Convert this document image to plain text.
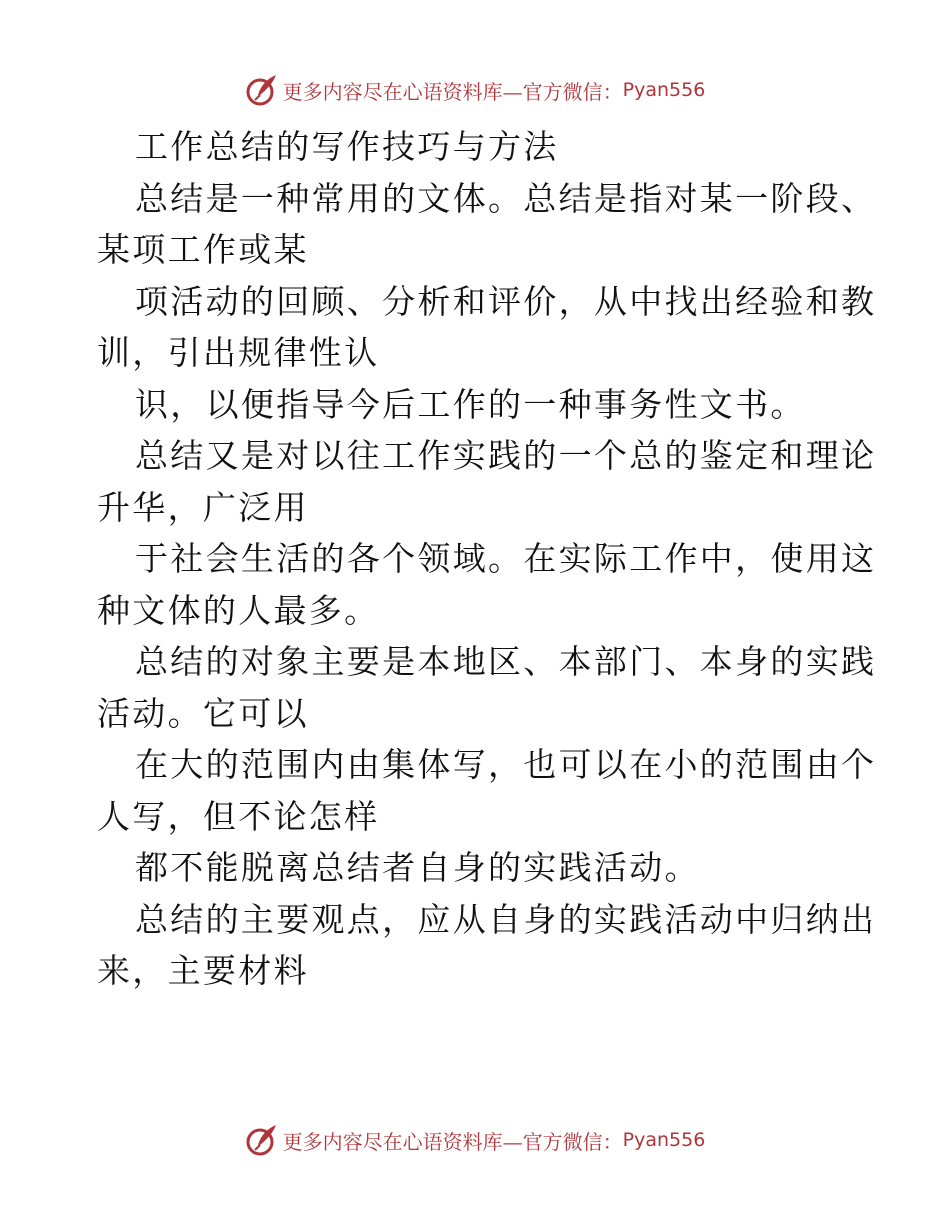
更多内容尽在心语资料库—官方微信： Pyan556
工作总结的写作技巧与方法
总结是一种常用的文体。总结是指对某一阶段、
某项工作或某
项活动的回顾、分析和评价，从中找出经验和教
训，引出规律性认
识，以便指导今后工作的一种事务性文书。
总结又是对以往工作实践的一个总的鉴定和理论
升华，广泛用
于社会生活的各个领域。在实际工作中，使用这
种文体的人最多。
总结的对象主要是本地区、本部门、本身的实践
活动。它可以
在大的范围内由集体写，也可以在小的范围由个
人写，但不论怎样
都不能脱离总结者自身的实践活动。
总结的主要观点，应从自身的实践活动中归纳出
来，主要材料
更多内容尽在心语资料库—官方微信： Pyan556
